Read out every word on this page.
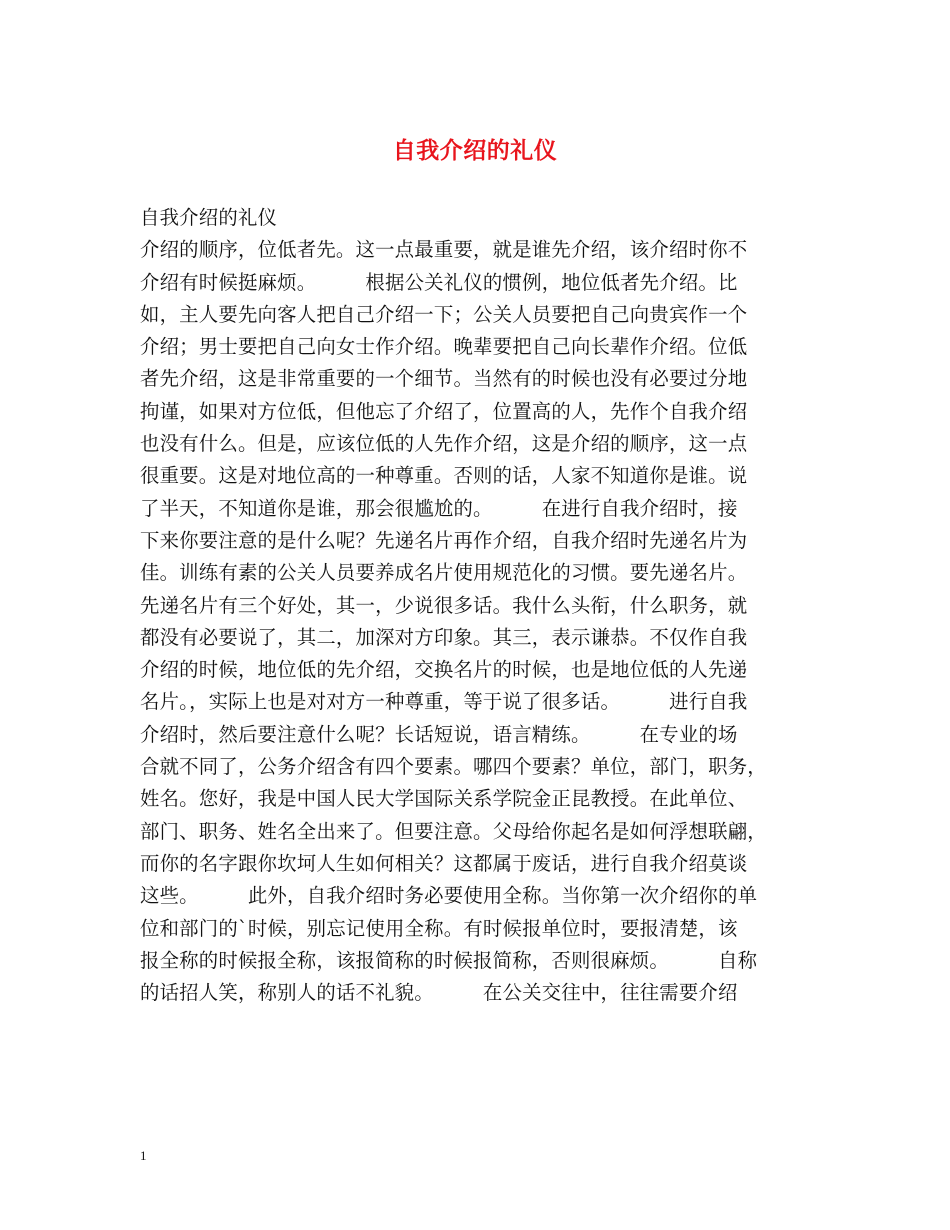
自我介绍的礼仪

自我介绍的礼仪

介绍的顺序，位低者先。这一点最重要，就是谁先介绍，该介绍时你不

介绍有时候挺麻烦。　　　根据公关礼仪的惯例，地位低者先介绍。比

如，主人要先向客人把自己介绍一下；公关人员要把自己向贵宾作一个

介绍；男士要把自己向女士作介绍。晚辈要把自己向长辈作介绍。位低

者先介绍，这是非常重要的一个细节。当然有的时候也没有必要过分地

拘谨，如果对方位低，但他忘了介绍了，位置高的人，先作个自我介绍

也没有什么。但是，应该位低的人先作介绍，这是介绍的顺序，这一点

很重要。这是对地位高的一种尊重。否则的话，人家不知道你是谁。说

了半天，不知道你是谁，那会很尴尬的。　　　在进行自我介绍时，接

下来你要注意的是什么呢？先递名片再作介绍，自我介绍时先递名片为

佳。训练有素的公关人员要养成名片使用规范化的习惯。要先递名片。

先递名片有三个好处，其一，少说很多话。我什么头衔，什么职务，就

都没有必要说了，其二，加深对方印象。其三，表示谦恭。不仅作自我

介绍的时候，地位低的先介绍，交换名片的时候，也是地位低的人先递

名片。，实际上也是对对方一种尊重，等于说了很多话。　　　进行自我

介绍时，然后要注意什么呢？长话短说，语言精练。　　　在专业的场

合就不同了，公务介绍含有四个要素。哪四个要素？单位，部门，职务，

姓名。您好，我是中国人民大学国际关系学院金正昆教授。在此单位、

部门、职务、姓名全出来了。但要注意。父母给你起名是如何浮想联翩，

而你的名字跟你坎坷人生如何相关？这都属于废话，进行自我介绍莫谈

这些。　　　此外，自我介绍时务必要使用全称。当你第一次介绍你的单

位和部门的`时候，别忘记使用全称。有时候报单位时，要报清楚，该

报全称的时候报全称，该报简称的时候报简称，否则很麻烦。　　　自称

的话招人笑，称别人的话不礼貌。　　　在公关交往中，往往需要介绍

1
